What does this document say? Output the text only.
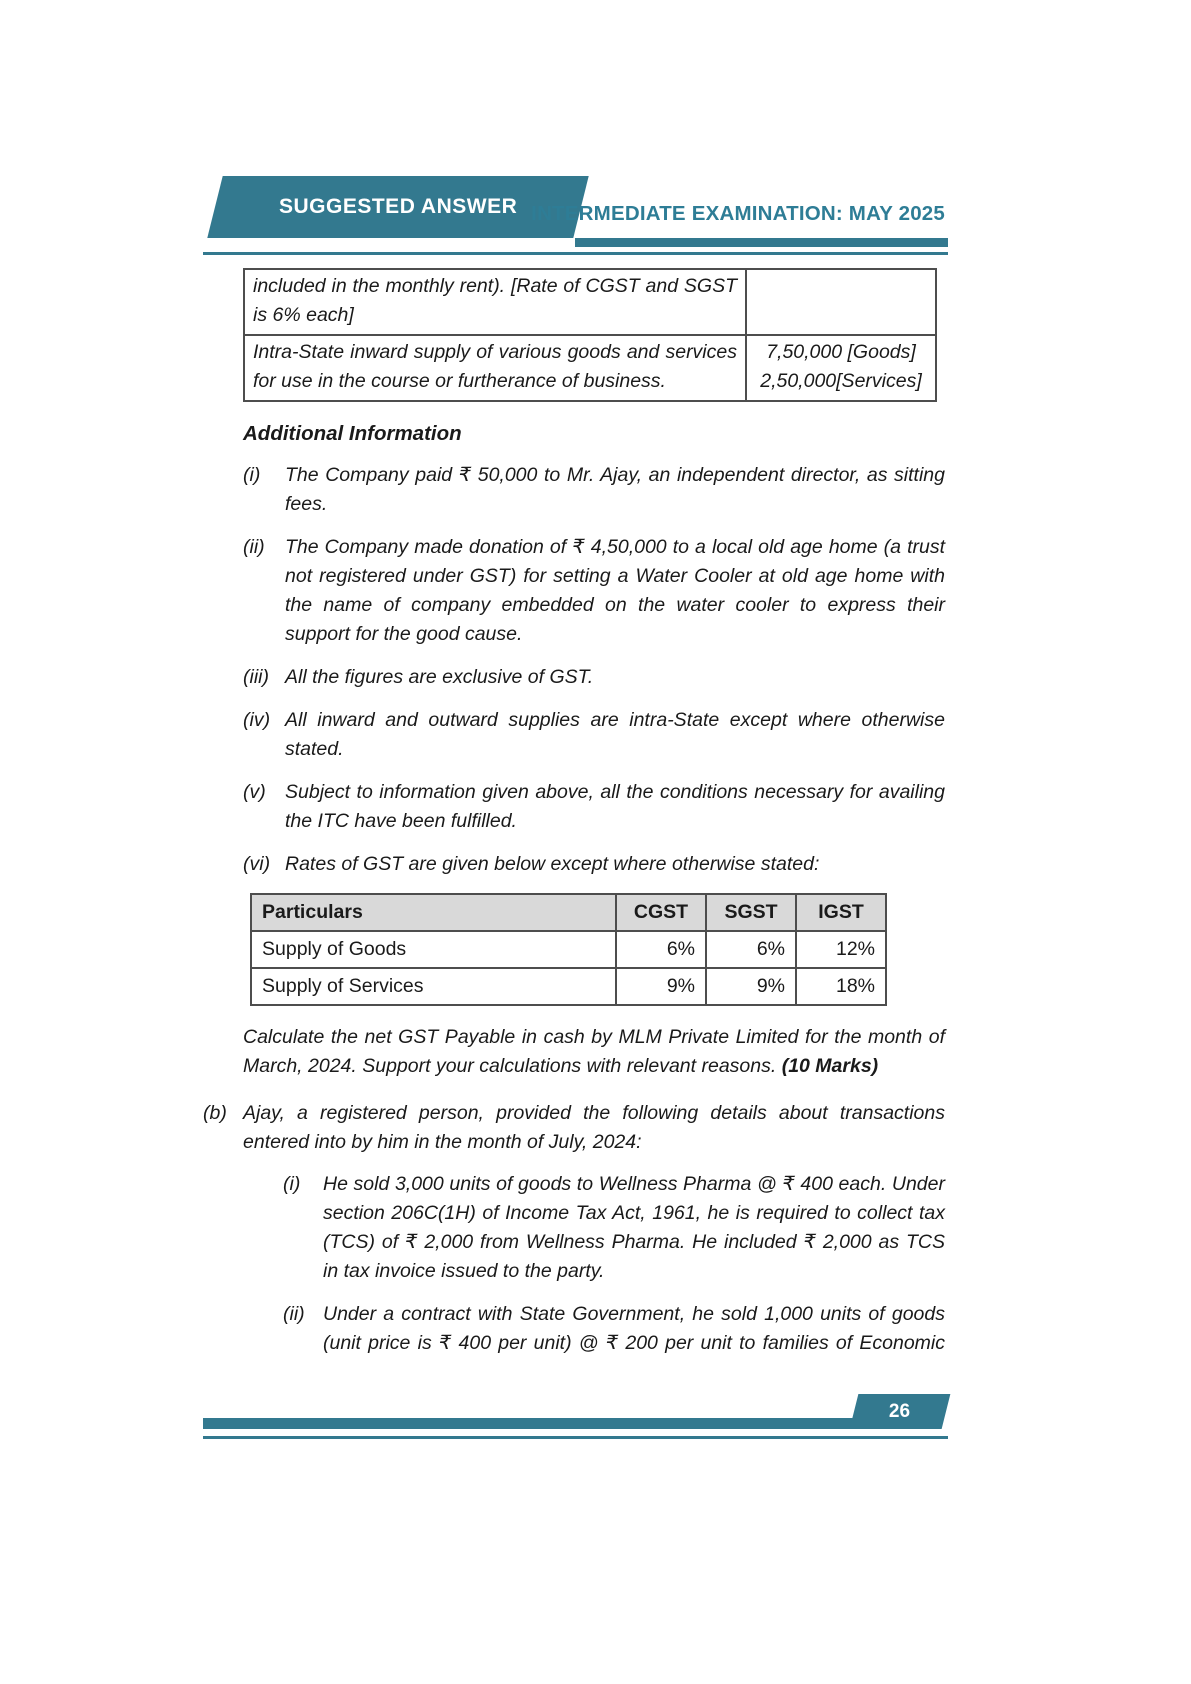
SUGGESTED ANSWER INTERMEDIATE EXAMINATION: MAY 2025
included in the monthly rent). [Rate of CGST and SGST is 6% each]	
Intra-State inward supply of various goods and services for use in the course or furtherance of business.	7,50,000 [Goods]
2,50,000[Services]
Additional Information
(i)	The Company paid ₹ 50,000 to Mr. Ajay, an independent director, as sitting fees.
(ii)	The Company made donation of ₹ 4,50,000 to a local old age home (a trust not registered under GST) for setting a Water Cooler at old age home with the name of company embedded on the water cooler to express their support for the good cause.
(iii) All the figures are exclusive of GST.
(iv) All inward and outward supplies are intra-State except where otherwise stated.
(v) Subject to information given above, all the conditions necessary for availing the ITC have been fulfilled.
(vi) Rates of GST are given below except where otherwise stated:
Particulars	CGST	SGST	IGST
Supply of Goods	6%	6%	12%
Supply of Services	9%	9%	18%

Calculate the net GST Payable in cash by MLM Private Limited for the month of March, 2024. Support your calculations with relevant reasons. (10 Marks)

(b) Ajay, a registered person, provided the following details about transactions entered into by him in the month of July, 2024:
(i)	He sold 3,000 units of goods to Wellness Pharma @ ₹ 400 each. Under section 206C(1H) of Income Tax Act, 1961, he is required to collect tax (TCS) of ₹ 2,000 from Wellness Pharma. He included ₹ 2,000 as TCS in tax invoice issued to the party.
(ii) Under a contract with State Government, he sold 1,000 units of goods (unit price is ₹ 400 per unit) @ ₹ 200 per unit to families of Economic
26
